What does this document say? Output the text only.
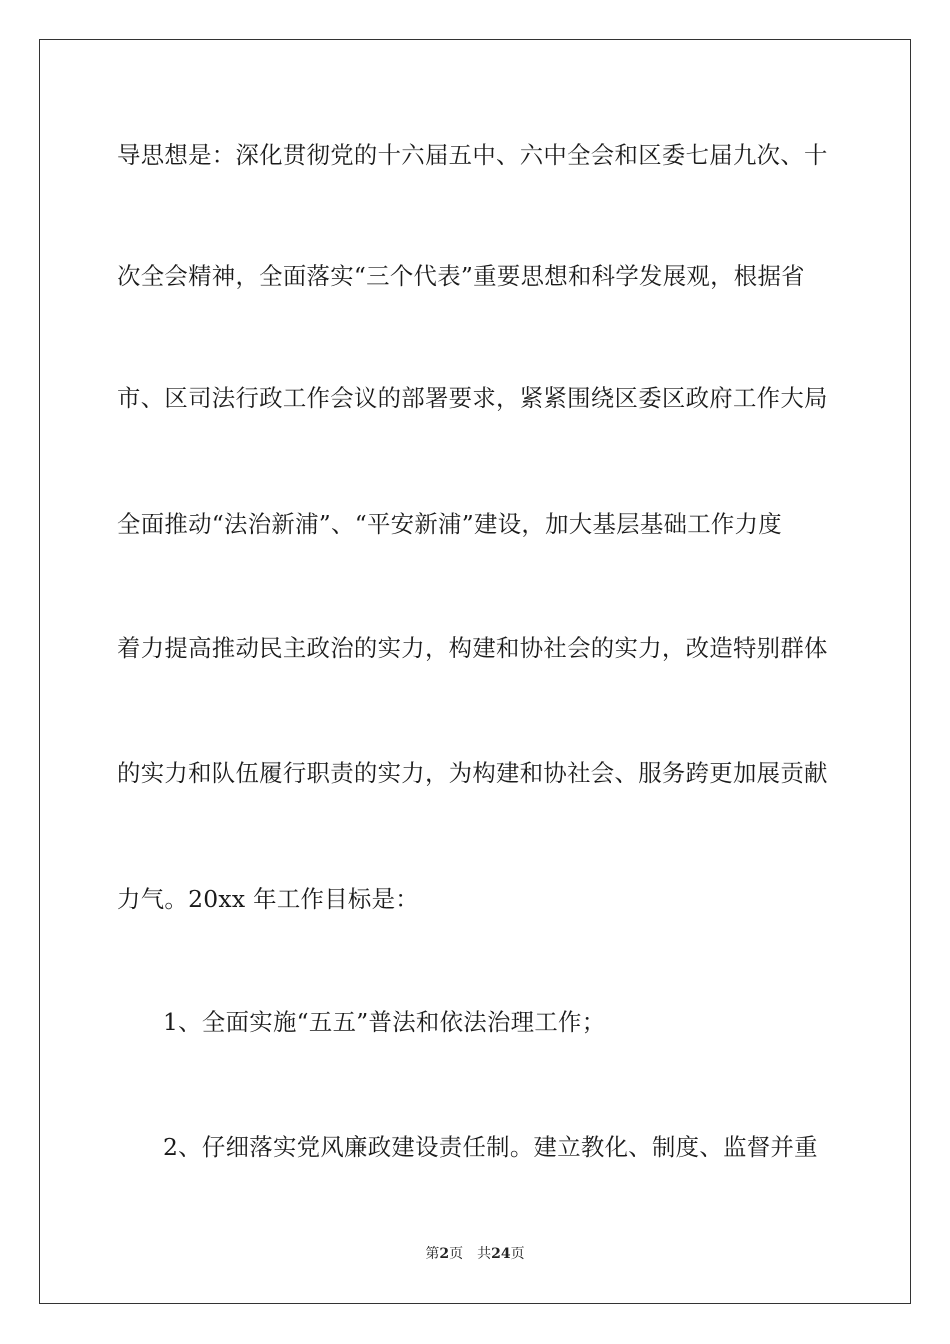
导思想是：深化贯彻党的十六届五中、六中全会和区委七届九次、十
次全会精神，全面落实“三个代表”重要思想和科学发展观，根据省
市、区司法行政工作会议的部署要求，紧紧围绕区委区政府工作大局
全面推动“法治新浦”、“平安新浦”建设，加大基层基础工作力度
着力提高推动民主政治的实力，构建和协社会的实力，改造特别群体
的实力和队伍履行职责的实力，为构建和协社会、服务跨更加展贡献
力气。20xx 年工作目标是：
1、全面实施“五五”普法和依法治理工作；
2、仔细落实党风廉政建设责任制。建立教化、制度、监督并重
第2页 共24页
